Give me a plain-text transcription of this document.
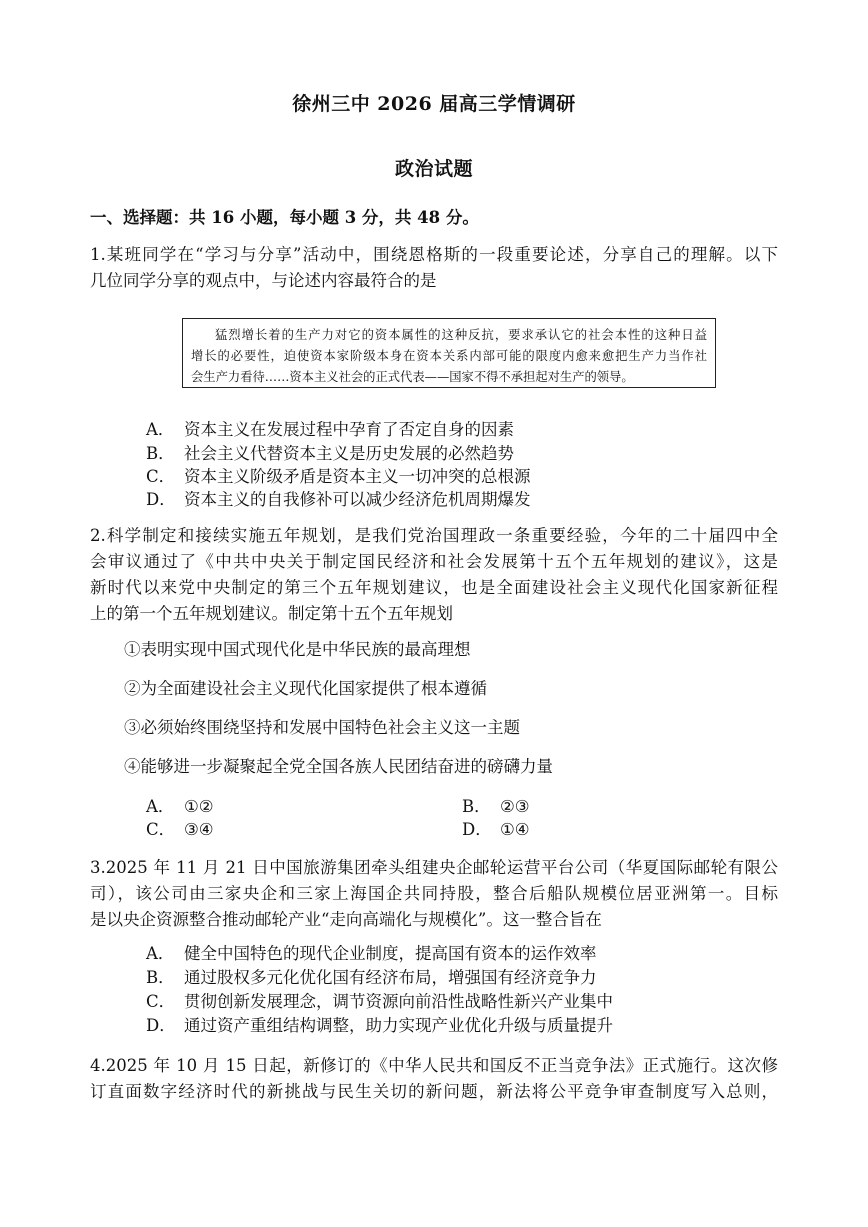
徐州三中 2026 届高三学情调研
政治试题
一、选择题：共 16 小题，每小题 3 分，共 48 分。
1.某班同学在“学习与分享”活动中，围绕恩格斯的一段重要论述，分享自己的理解。以下
几位同学分享的观点中，与论述内容最符合的是
猛烈增长着的生产力对它的资本属性的这种反抗，要求承认它的社会本性的这种日益
增长的必要性，迫使资本家阶级本身在资本关系内部可能的限度内愈来愈把生产力当作社
会生产力看待……资本主义社会的正式代表——国家不得不承担起对生产的领导。
A． 资本主义在发展过程中孕育了否定自身的因素
B． 社会主义代替资本主义是历史发展的必然趋势
C． 资本主义阶级矛盾是资本主义一切冲突的总根源
D． 资本主义的自我修补可以减少经济危机周期爆发
2.科学制定和接续实施五年规划，是我们党治国理政一条重要经验，今年的二十届四中全
会审议通过了《中共中央关于制定国民经济和社会发展第十五个五年规划的建议》，这是
新时代以来党中央制定的第三个五年规划建议，也是全面建设社会主义现代化国家新征程
上的第一个五年规划建议。制定第十五个五年规划
①表明实现中国式现代化是中华民族的最高理想
②为全面建设社会主义现代化国家提供了根本遵循
③必须始终围绕坚持和发展中国特色社会主义这一主题
④能够进一步凝聚起全党全国各族人民团结奋进的磅礴力量
A． ①②	B． ②③
C． ③④	D． ①④
3.2025 年 11 月 21 日中国旅游集团牵头组建央企邮轮运营平台公司（华夏国际邮轮有限公
司），该公司由三家央企和三家上海国企共同持股，整合后船队规模位居亚洲第一。目标
是以央企资源整合推动邮轮产业“走向高端化与规模化”。这一整合旨在
A． 健全中国特色的现代企业制度，提高国有资本的运作效率
B． 通过股权多元化优化国有经济布局，增强国有经济竞争力
C． 贯彻创新发展理念，调节资源向前沿性战略性新兴产业集中
D． 通过资产重组结构调整，助力实现产业优化升级与质量提升
4.2025 年 10 月 15 日起，新修订的《中华人民共和国反不正当竞争法》正式施行。这次修
订直面数字经济时代的新挑战与民生关切的新问题，新法将公平竞争审查制度写入总则，
